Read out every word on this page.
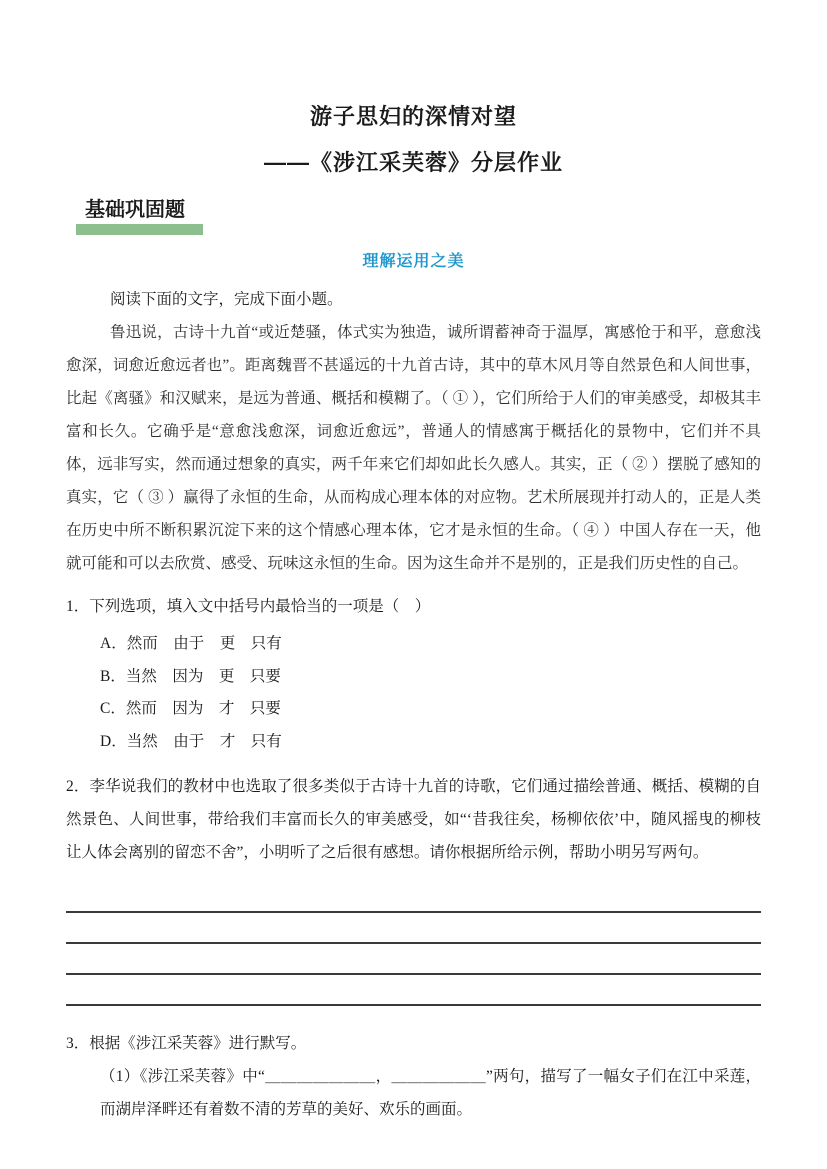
游子思妇的深情对望
——《涉江采芙蓉》分层作业
基础巩固题
理解运用之美

阅读下面的文字，完成下面小题。

鲁迅说，古诗十九首“或近楚骚，体式实为独造，诚所谓蓄神奇于温厚，寓感怆于和平，意愈浅愈深，词愈近愈远者也”。距离魏晋不甚遥远的十九首古诗，其中的草木风月等自然景色和人间世事，比起《离骚》和汉赋来，是远为普通、概括和模糊了。（ ① ），它们所给于人们的审美感受，却极其丰富和长久。它确乎是“意愈浅愈深，词愈近愈远”，普通人的情感寓于概括化的景物中，它们并不具体，远非写实，然而通过想象的真实，两千年来它们却如此长久感人。其实，正（ ② ）摆脱了感知的真实，它（ ③ ）赢得了永恒的生命，从而构成心理本体的对应物。艺术所展现并打动人的，正是人类在历史中所不断积累沉淀下来的这个情感心理本体，它才是永恒的生命。（ ④ ）中国人存在一天，他就可能和可以去欣赏、感受、玩味这永恒的生命。因为这生命并不是别的，正是我们历史性的自己。

1．下列选项，填入文中括号内最恰当的一项是（　）

A．然而　由于　更　只有
B．当然　因为　更　只要
C．然而　因为　才　只要
D．当然　由于　才　只有

2．李华说我们的教材中也选取了很多类似于古诗十九首的诗歌，它们通过描绘普通、概括、模糊的自然景色、人间世事，带给我们丰富而长久的审美感受，如“‘昔我往矣，杨柳依依’中，随风摇曳的柳枝让人体会离别的留恋不舍”，小明听了之后很有感想。请你根据所给示例，帮助小明另写两句。

3．根据《涉江采芙蓉》进行默写。

（1）《涉江采芙蓉》中“＿＿＿＿＿＿＿，＿＿＿＿＿＿”两句，描写了一幅女子们在江中采莲，而湖岸泽畔还有着数不清的芳草的美好、欢乐的画面。
